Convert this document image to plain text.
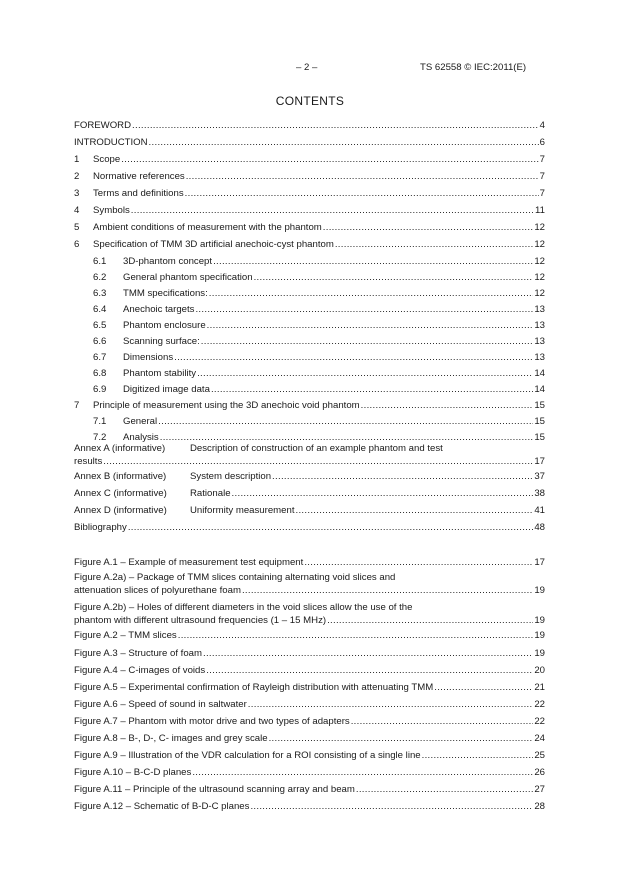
– 2 –	TS 62558 © IEC:2011(E)
CONTENTS
FOREWORD .....	4
INTRODUCTION .....	6
1	Scope .....	7
2	Normative references .....	7
3	Terms and definitions .....	7
4	Symbols .....	11
5	Ambient conditions of measurement with the phantom .....	12
6	Specification of TMM 3D artificial anechoic-cyst phantom .....	12
6.1	3D-phantom concept .....	12
6.2	General phantom specification .....	12
6.3	TMM specifications: .....	12
6.4	Anechoic targets .....	13
6.5	Phantom enclosure .....	13
6.6	Scanning surface: .....	13
6.7	Dimensions .....	13
6.8	Phantom stability .....	14
6.9	Digitized image data .....	14
7	Principle of measurement using the 3D anechoic void phantom .....	15
7.1	General .....	15
7.2	Analysis .....	15
Annex A (informative)	Description of construction of an example phantom and test
results .....	17
Annex B (informative)	System description .....	37
Annex C (informative)	Rationale .....	38
Annex D (informative)	Uniformity measurement .....	41
Bibliography .....	48
Figure A.1 – Example of measurement test equipment .....	17
Figure A.2a) – Package of TMM slices containing alternating void slices and
attenuation slices of polyurethane foam .....	19
Figure A.2b) – Holes of different diameters in the void slices allow the use of the
phantom with different ultrasound frequencies (1 – 15 MHz) .....	19
Figure A.2 – TMM slices .....	19
Figure A.3 – Structure of foam .....	19
Figure A.4 – C-images of voids .....	20
Figure A.5 – Experimental confirmation of Rayleigh distribution with attenuating TMM .....	21
Figure A.6 – Speed of sound in saltwater .....	22
Figure A.7 – Phantom with motor drive and two types of adapters .....	22
Figure A.8 – B-, D-, C- images and grey scale .....	24
Figure A.9 – Illustration of the VDR calculation for a ROI consisting of a single line .....	25
Figure A.10 – B-C-D planes .....	26
Figure A.11 – Principle of the ultrasound scanning array and beam .....	27
Figure A.12 – Schematic of B-D-C planes .....	28
